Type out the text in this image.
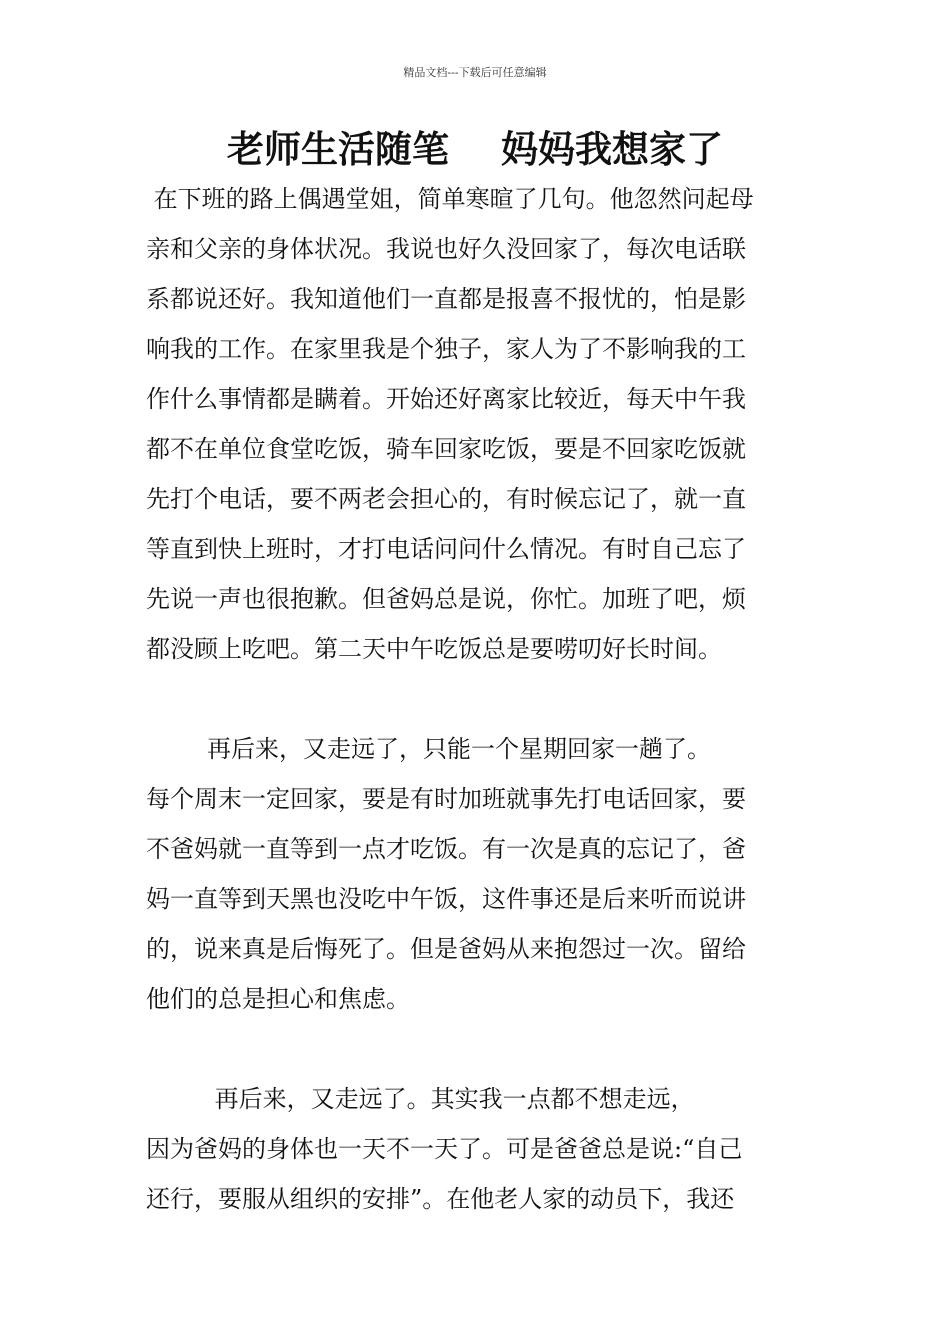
精品文档---下载后可任意编辑
老师生活随笔 妈妈我想家了
在下班的路上偶遇堂姐，简单寒暄了几句。他忽然问起母
亲和父亲的身体状况。我说也好久没回家了，每次电话联
系都说还好。我知道他们一直都是报喜不报忧的，怕是影
响我的工作。在家里我是个独子，家人为了不影响我的工
作什么事情都是瞒着。开始还好离家比较近，每天中午我
都不在单位食堂吃饭，骑车回家吃饭，要是不回家吃饭就
先打个电话，要不两老会担心的，有时候忘记了，就一直
等直到快上班时，才打电话问问什么情况。有时自己忘了
先说一声也很抱歉。但爸妈总是说，你忙。加班了吧，烦
都没顾上吃吧。第二天中午吃饭总是要唠叨好长时间。
再后来，又走远了，只能一个星期回家一趟了。
每个周末一定回家，要是有时加班就事先打电话回家，要
不爸妈就一直等到一点才吃饭。有一次是真的忘记了，爸
妈一直等到天黑也没吃中午饭，这件事还是后来听而说讲
的，说来真是后悔死了。但是爸妈从来抱怨过一次。留给
他们的总是担心和焦虑。
再后来，又走远了。其实我一点都不想走远，
因为爸妈的身体也一天不一天了。可是爸爸总是说:“自己
还行，要服从组织的安排”。在他老人家的动员下，我还
